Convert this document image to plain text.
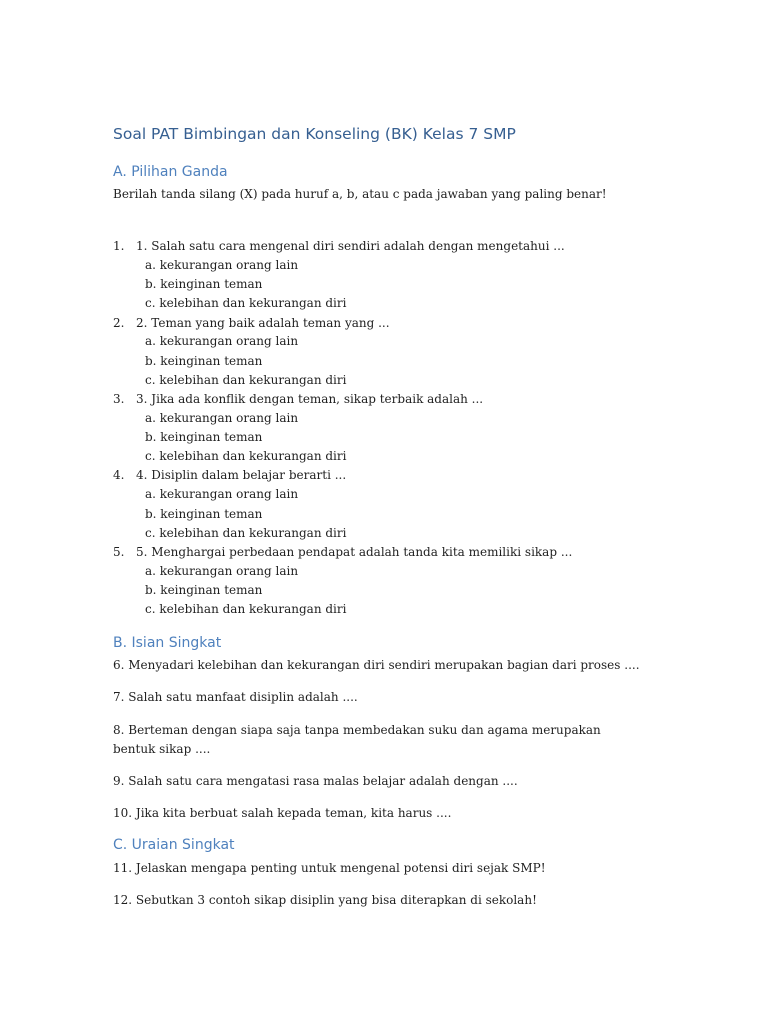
Soal PAT Bimbingan dan Konseling (BK) Kelas 7 SMP
A. Pilihan Ganda
Berilah tanda silang (X) pada huruf a, b, atau c pada jawaban yang paling benar!
1. 1. Salah satu cara mengenal diri sendiri adalah dengan mengetahui ...
a. kekurangan orang lain
b. keinginan teman
c. kelebihan dan kekurangan diri
2. 2. Teman yang baik adalah teman yang ...
a. kekurangan orang lain
b. keinginan teman
c. kelebihan dan kekurangan diri
3. 3. Jika ada konflik dengan teman, sikap terbaik adalah ...
a. kekurangan orang lain
b. keinginan teman
c. kelebihan dan kekurangan diri
4. 4. Disiplin dalam belajar berarti ...
a. kekurangan orang lain
b. keinginan teman
c. kelebihan dan kekurangan diri
5. 5. Menghargai perbedaan pendapat adalah tanda kita memiliki sikap ...
a. kekurangan orang lain
b. keinginan teman
c. kelebihan dan kekurangan diri
B. Isian Singkat
6. Menyadari kelebihan dan kekurangan diri sendiri merupakan bagian dari proses ....
7. Salah satu manfaat disiplin adalah ....
8. Berteman dengan siapa saja tanpa membedakan suku dan agama merupakan bentuk sikap ....
9. Salah satu cara mengatasi rasa malas belajar adalah dengan ....
10. Jika kita berbuat salah kepada teman, kita harus ....
C. Uraian Singkat
11. Jelaskan mengapa penting untuk mengenal potensi diri sejak SMP!
12. Sebutkan 3 contoh sikap disiplin yang bisa diterapkan di sekolah!
